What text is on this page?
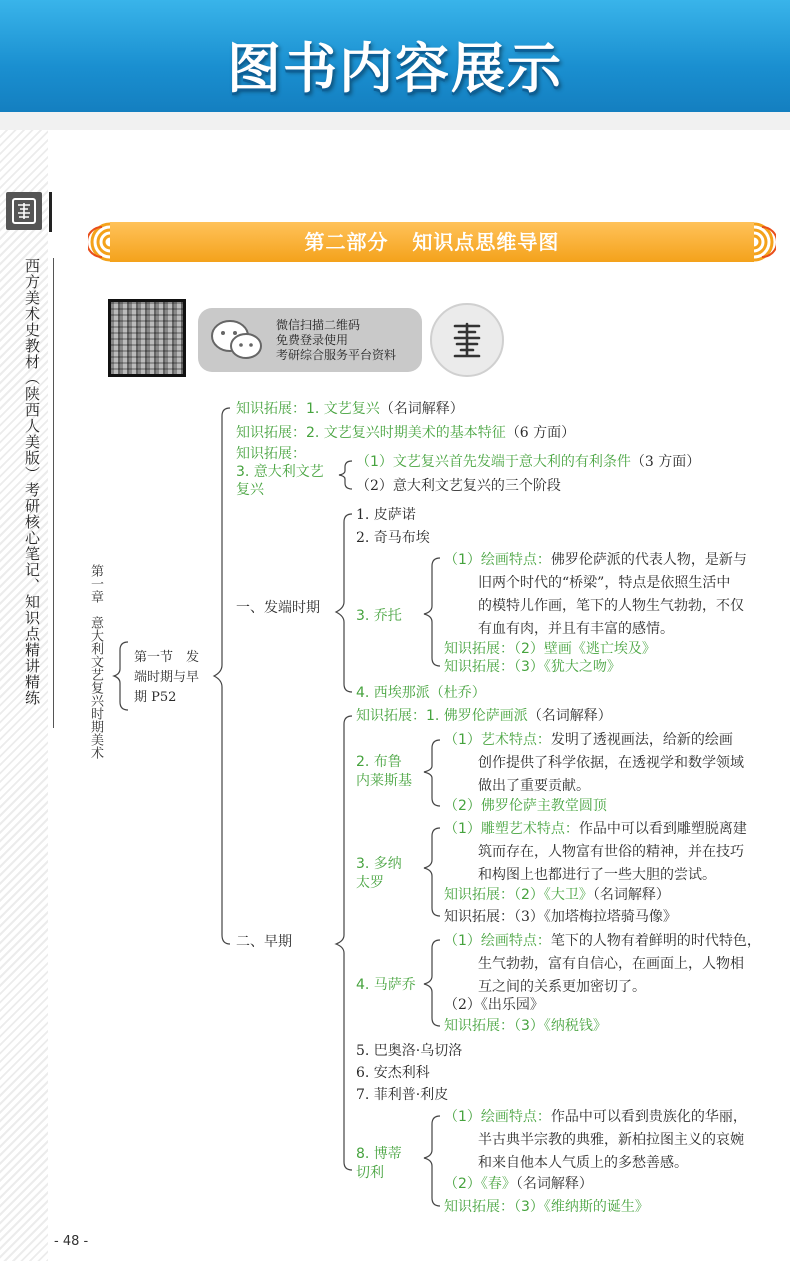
图书内容展示
西方美术史教材（陕西人美版）考研核心笔记、知识点精讲精练
第二部分   知识点思维导图
微信扫描二维码
免费登录使用
考研综合服务平台资料
第一章　意大利文艺复兴时期美术 第一节　发
端时期与早
期 P52
知识拓展：1. 文艺复兴（名词解释）
知识拓展：2. 文艺复兴时期美术的基本特征（6 方面）
知识拓展：
3. 意大利文艺
复兴
（1）文艺复兴首先发端于意大利的有利条件（3 方面）
（2）意大利文艺复兴的三个阶段
一、发端时期
1. 皮萨诺
2. 奇马布埃
3. 乔托
（1）绘画特点：佛罗伦萨派的代表人物，是新与
旧两个时代的“桥梁”，特点是依照生活中
的模特儿作画，笔下的人物生气勃勃，不仅
有血有肉，并且有丰富的感情。
知识拓展：（2）壁画《逃亡埃及》
知识拓展：（3）《犹大之吻》
4. 西埃那派（杜乔）
二、早期
知识拓展：1. 佛罗伦萨画派（名词解释）
2. 布鲁
内莱斯基
（1）艺术特点：发明了透视画法，给新的绘画
创作提供了科学依据，在透视学和数学领域
做出了重要贡献。
（2）佛罗伦萨主教堂圆顶
3. 多纳
太罗
（1）雕塑艺术特点：作品中可以看到雕塑脱离建
筑而存在，人物富有世俗的精神，并在技巧
和构图上也都进行了一些大胆的尝试。
知识拓展：（2）《大卫》（名词解释）
知识拓展：（3）《加塔梅拉塔骑马像》
4. 马萨乔
（1）绘画特点：笔下的人物有着鲜明的时代特色，
生气勃勃，富有自信心，在画面上，人物相
互之间的关系更加密切了。
（2）《出乐园》
知识拓展：（3）《纳税钱》
5. 巴奥洛·乌切洛
6. 安杰利科
7. 菲利普·利皮
8. 博蒂
切利
（1）绘画特点：作品中可以看到贵族化的华丽，
半古典半宗教的典雅，新柏拉图主义的哀婉
和来自他本人气质上的多愁善感。
（2）《春》（名词解释）
知识拓展：（3）《维纳斯的诞生》
- 48 -
